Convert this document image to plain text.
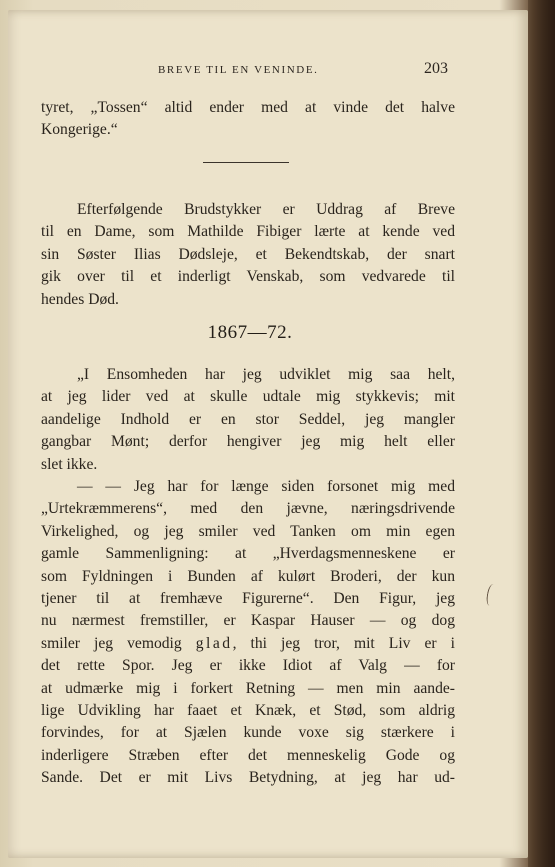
BREVE TIL EN VENINDE.	203
tyret, „Tossen“ altid ender med at vinde det halve
Kongerige.“
Efterfølgende Brudstykker er Uddrag af Breve
til en Dame, som Mathilde Fibiger lærte at kende ved
sin Søster Ilias Dødsleje, et Bekendtskab, der snart
gik over til et inderligt Venskab, som vedvarede til
hendes Død.
1867—72.
„I Ensomheden har jeg udviklet mig saa helt,
at jeg lider ved at skulle udtale mig stykkevis; mit
aandelige Indhold er en stor Seddel, jeg mangler
gangbar Mønt; derfor hengiver jeg mig helt eller
slet ikke.
— — Jeg har for længe siden forsonet mig med
„Urtekræmmerens“, med den jævne, næringsdrivende
Virkelighed, og jeg smiler ved Tanken om min egen
gamle Sammenligning: at „Hverdagsmenneskene er
som Fyldningen i Bunden af kulørt Broderi, der kun
tjener til at fremhæve Figurerne“. Den Figur, jeg
nu nærmest fremstiller, er Kaspar Hauser — og dog
smiler jeg vemodig glad, thi jeg tror, mit Liv er i
det rette Spor. Jeg er ikke Idiot af Valg — for
at udmærke mig i forkert Retning — men min aande-
lige Udvikling har faaet et Knæk, et Stød, som aldrig
forvindes, for at Sjælen kunde voxe sig stærkere i
inderligere Stræben efter det menneskelig Gode og
Sande. Det er mit Livs Betydning, at jeg har ud-
